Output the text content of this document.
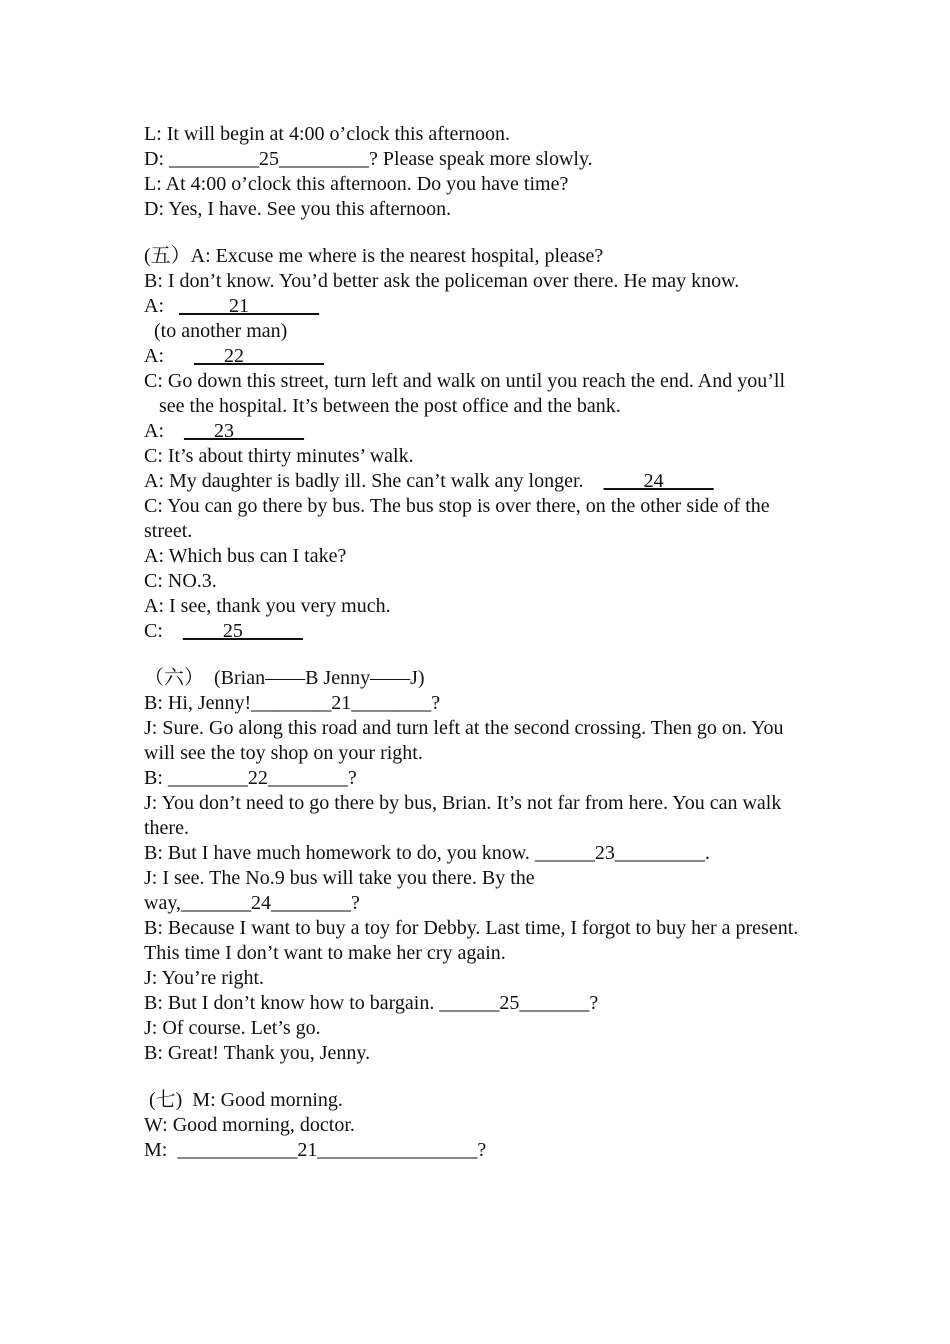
L: It will begin at 4:00 o’clock this afternoon.
D: _________25_________? Please speak more slowly.
L: At 4:00 o’clock this afternoon. Do you have time?
D: Yes, I have. See you this afternoon.
(五）A: Excuse me where is the nearest hospital, please?
B: I don’t know. You’d better ask the policeman over there. He may know.
A:   _____21_______
(to another man)
A:      ___22________
C: Go down this street, turn left and walk on until you reach the end. And you’ll
see the hospital. It’s between the post office and the bank.
A:    ___23_______
C: It’s about thirty minutes’ walk.
A: My daughter is badly ill. She can’t walk any longer.    ____24_____
C: You can go there by bus. The bus stop is over there, on the other side of the street.
A: Which bus can I take?
C: NO.3.
A: I see, thank you very much.
C:    ____25______
（六）  (Brian——B Jenny——J)
B: Hi, Jenny!________21________?
J: Sure. Go along this road and turn left at the second crossing. Then go on. You will see the toy shop on your right.
B: ________22________?
J: You don’t need to go there by bus, Brian. It’s not far from here. You can walk there.
B: But I have much homework to do, you know. ______23_________.
J: I see. The No.9 bus will take you there. By the
way,_______24________?
B: Because I want to buy a toy for Debby. Last time, I forgot to buy her a present. This time I don’t want to make her cry again.
J: You’re right.
B: But I don’t know how to bargain. ______25_______?
J: Of course. Let’s go.
B: Great! Thank you, Jenny.
(七)  M: Good morning.
W: Good morning, doctor.
M:  ____________21________________?
